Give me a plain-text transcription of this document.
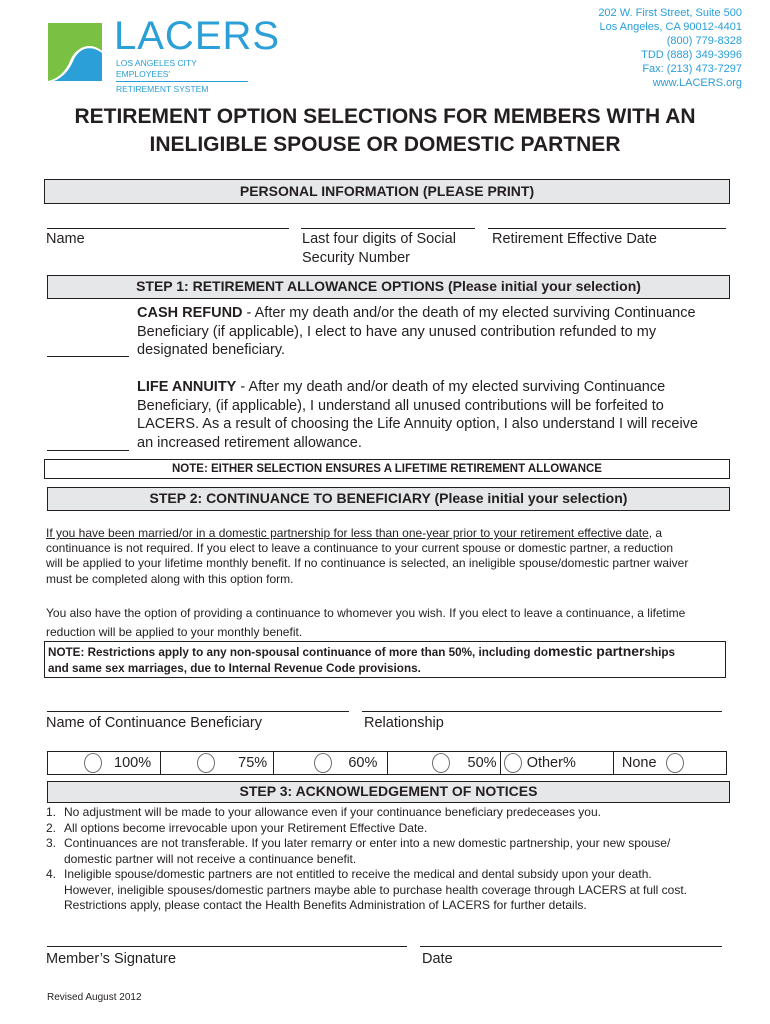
LACERS
LOS ANGELES CITY EMPLOYEES'
RETIREMENT SYSTEM
202 W. First Street, Suite 500
Los Angeles, CA 90012-4401
(800) 779-8328
TDD (888) 349-3996
Fax: (213) 473-7297
www.LACERS.org
RETIREMENT OPTION SELECTIONS FOR MEMBERS WITH AN
INELIGIBLE SPOUSE OR DOMESTIC PARTNER
PERSONAL INFORMATION (PLEASE PRINT)
Name	Last four digits of Social
Security Number
Retirement Effective Date
STEP 1: RETIREMENT ALLOWANCE OPTIONS (Please initial your selection)
CASH REFUND - After my death and/or the death of my elected surviving Continuance
Beneficiary (if applicable), I elect to have any unused contribution refunded to my
designated beneficiary.
LIFE ANNUITY - After my death and/or death of my elected surviving Continuance
Beneficiary, (if applicable), I understand all unused contributions will be forfeited to
LACERS. As a result of choosing the Life Annuity option, I also understand I will receive
an increased retirement allowance.
NOTE: EITHER SELECTION ENSURES A LIFETIME RETIREMENT ALLOWANCE
STEP 2: CONTINUANCE TO BENEFICIARY (Please initial your selection)
If you have been married/or in a domestic partnership for less than one-year prior to your retirement effective date, a
continuance is not required. If you elect to leave a continuance to your current spouse or domestic partner, a reduction
will be applied to your lifetime monthly benefit. If no continuance is selected, an ineligible spouse/domestic partner waiver
must be completed along with this option form.
You also have the option of providing a continuance to whomever you wish. If you elect to leave a continuance, a lifetime
reduction will be applied to your monthly benefit.
NOTE: Restrictions apply to any non-spousal continuance of more than 50%, including domestic partnerships
and same sex marriages, due to Internal Revenue Code provisions.
Name of Continuance Beneficiary	Relationship
100%	75%	60%	50% Other%	None
STEP 3: ACKNOWLEDGEMENT OF NOTICES
1. No adjustment will be made to your allowance even if your continuance beneficiary predeceases you.
2. All options become irrevocable upon your Retirement Effective Date.
3. Continuances are not transferable. If you later remarry or enter into a new domestic partnership, your new spouse/
domestic partner will not receive a continuance benefit.
4. Ineligible spouse/domestic partners are not entitled to receive the medical and dental subsidy upon your death.
However, ineligible spouses/domestic partners maybe able to purchase health coverage through LACERS at full cost.
Restrictions apply, please contact the Health Benefits Administration of LACERS for further details.
Member’s Signature	Date
Revised August 2012
